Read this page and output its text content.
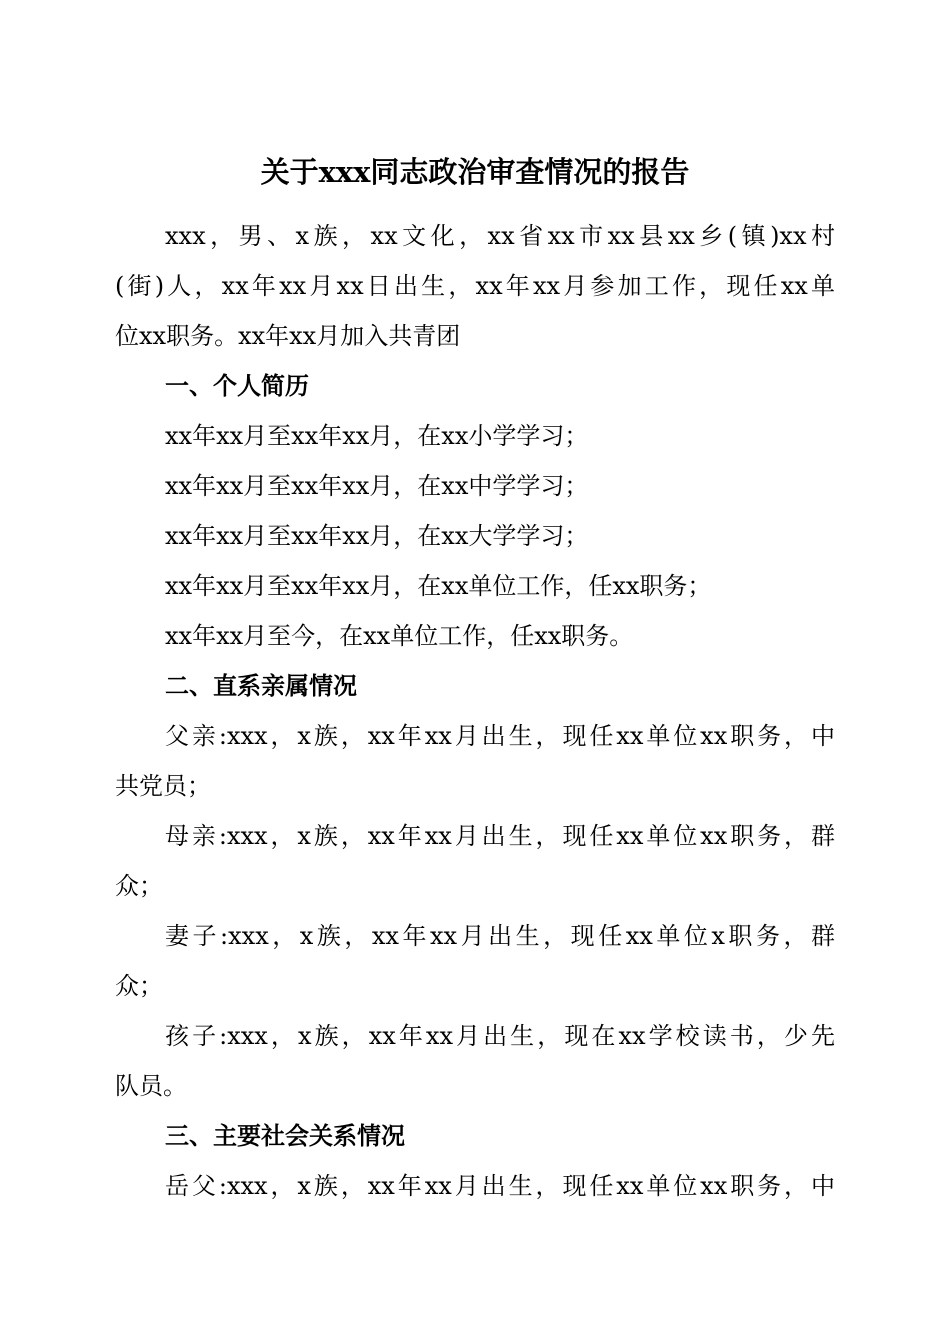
关于xxx同志政治审查情况的报告
xxx，男、x族，xx文化，xx省xx市xx县xx乡(镇)xx村
(街)人，xx年xx月xx日出生，xx年xx月参加工作，现任xx单
位xx职务。xx年xx月加入共青团
一、个人简历
xx年xx月至xx年xx月，在xx小学学习；
xx年xx月至xx年xx月，在xx中学学习；
xx年xx月至xx年xx月，在xx大学学习；
xx年xx月至xx年xx月，在xx单位工作，任xx职务；
xx年xx月至今，在xx单位工作，任xx职务。
二、直系亲属情况
父亲:xxx，x族，xx年xx月出生，现任xx单位xx职务，中
共党员；
母亲:xxx，x族，xx年xx月出生，现任xx单位xx职务，群
众；
妻子:xxx，x族，xx年xx月出生，现任xx单位x职务，群
众；
孩子:xxx，x族，xx年xx月出生，现在xx学校读书，少先
队员。
三、主要社会关系情况
岳父:xxx，x族，xx年xx月出生，现任xx单位xx职务，中
